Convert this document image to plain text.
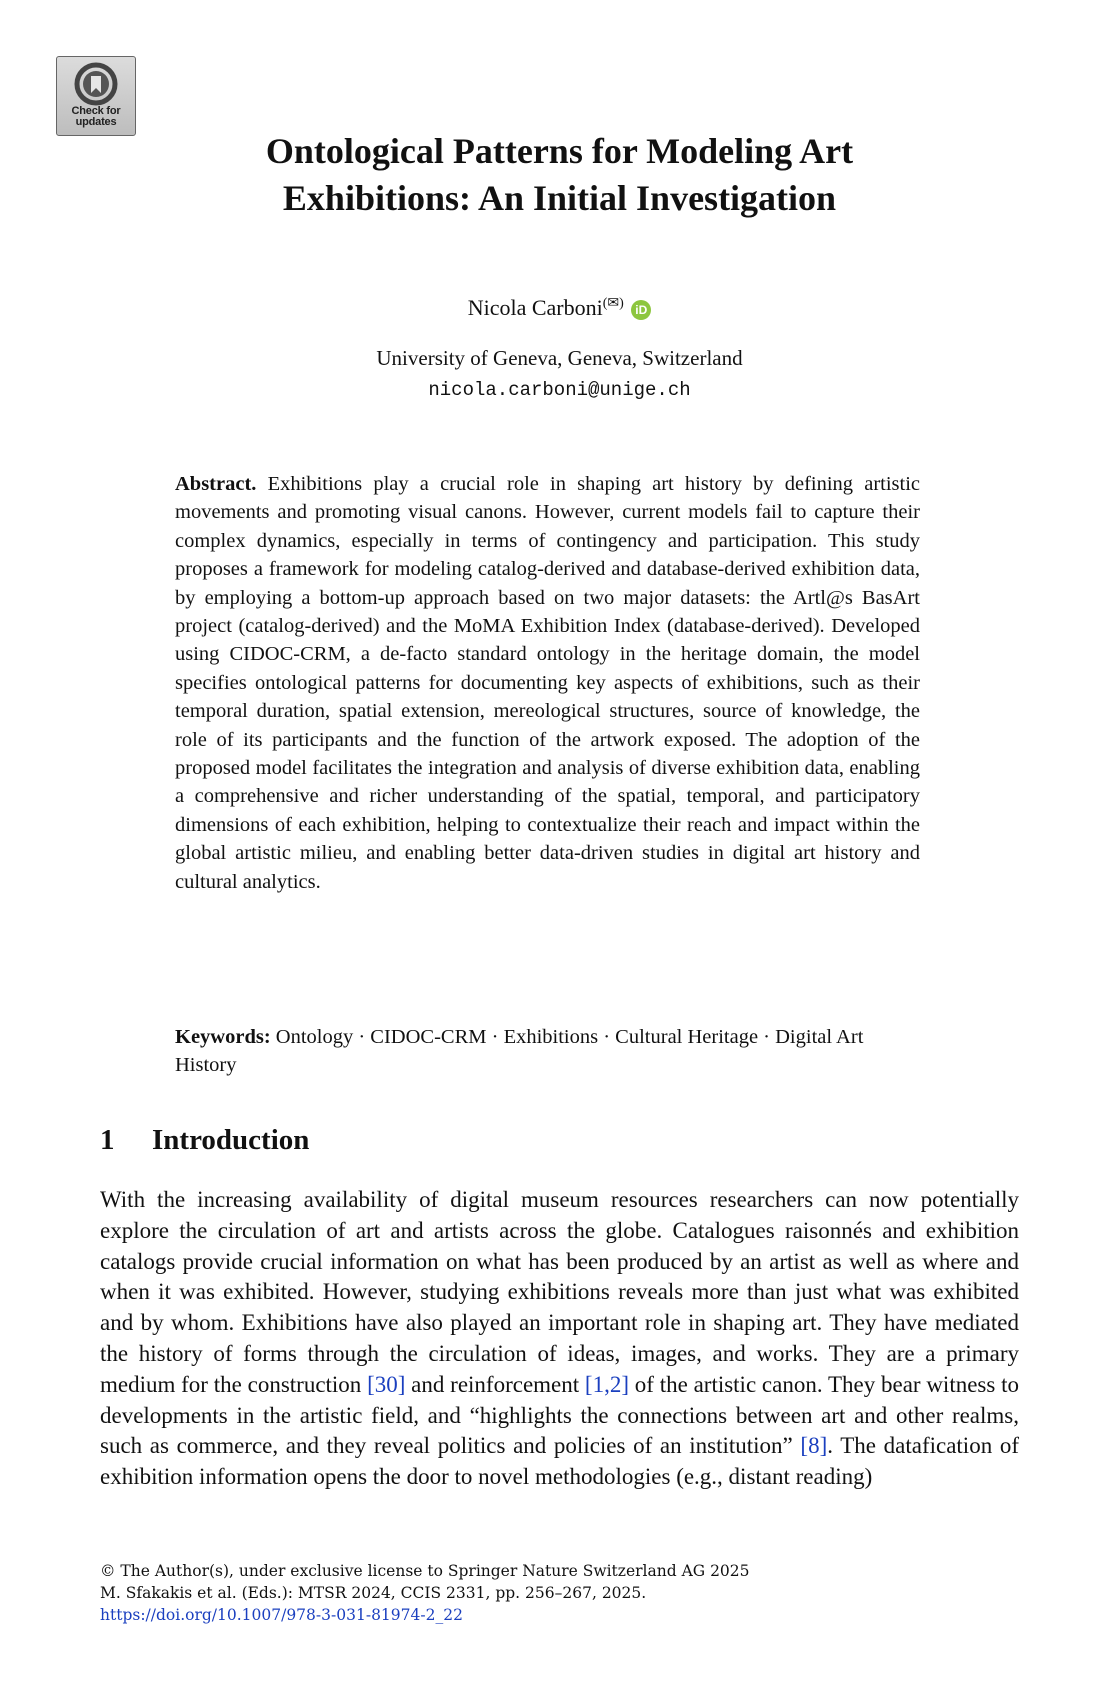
Check for
updates
Ontological Patterns for Modeling Art
Exhibitions: An Initial Investigation
Nicola Carboni(✉) iD
University of Geneva, Geneva, Switzerland
nicola.carboni@unige.ch
Abstract. Exhibitions play a crucial role in shaping art history by defining artistic movements and promoting visual canons. However, current models fail to capture their complex dynamics, especially in terms of contingency and participation. This study proposes a framework for modeling catalog-derived and database-derived exhibition data, by employing a bottom-up approach based on two major datasets: the Artl@s BasArt project (catalog-derived) and the MoMA Exhibition Index (database-derived). Developed using CIDOC-CRM, a de-facto standard ontology in the heritage domain, the model specifies ontological patterns for documenting key aspects of exhibitions, such as their temporal duration, spatial extension, mereological structures, source of knowledge, the role of its participants and the function of the artwork exposed. The adoption of the proposed model facilitates the integration and analysis of diverse exhibition data, enabling a comprehensive and richer understanding of the spatial, temporal, and participatory dimensions of each exhibition, helping to contextualize their reach and impact within the global artistic milieu, and enabling better data-driven studies in digital art history and cultural analytics.
Keywords: Ontology · CIDOC-CRM · Exhibitions · Cultural Heritage · Digital Art History
1 Introduction
With the increasing availability of digital museum resources researchers can now potentially explore the circulation of art and artists across the globe. Catalogues raisonnés and exhibition catalogs provide crucial information on what has been produced by an artist as well as where and when it was exhibited. However, studying exhibitions reveals more than just what was exhibited and by whom. Exhibitions have also played an important role in shaping art. They have mediated the history of forms through the circulation of ideas, images, and works. They are a primary medium for the construction [30] and reinforcement [1,2] of the artistic canon. They bear witness to developments in the artistic field, and “highlights the connections between art and other realms, such as commerce, and they reveal politics and policies of an institution” [8]. The datafication of exhibition information opens the door to novel methodologies (e.g., distant reading)
© The Author(s), under exclusive license to Springer Nature Switzerland AG 2025
M. Sfakakis et al. (Eds.): MTSR 2024, CCIS 2331, pp. 256–267, 2025.
https://doi.org/10.1007/978-3-031-81974-2_22
